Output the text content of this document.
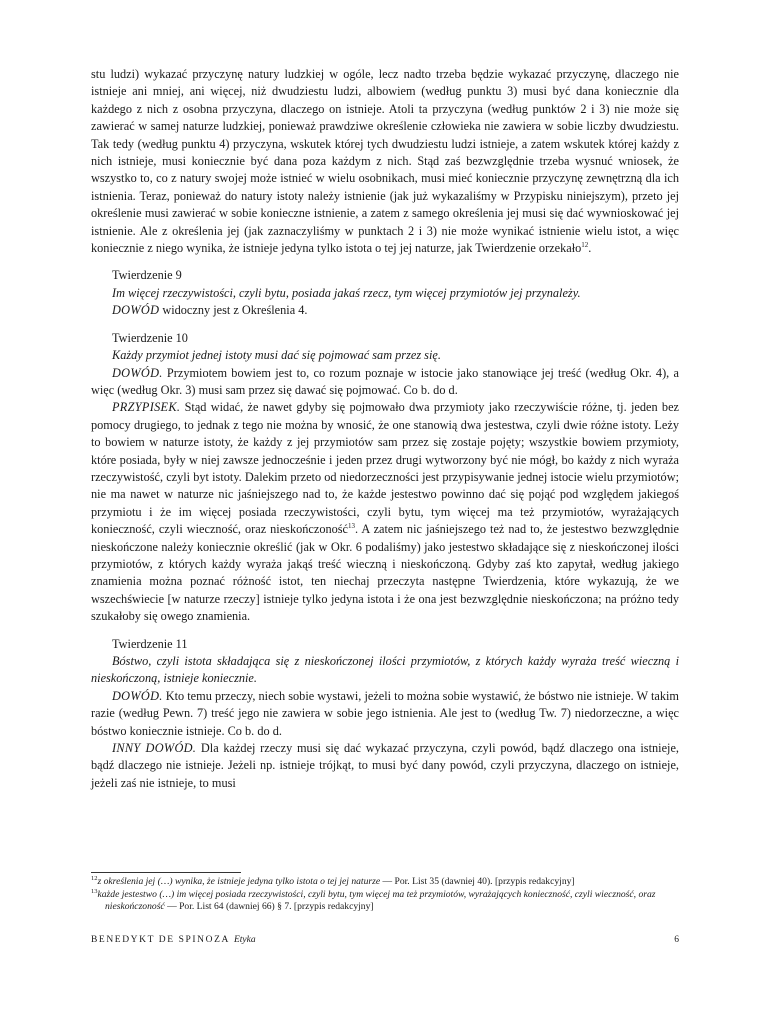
stu ludzi) wykazać przyczynę natury ludzkiej w ogóle, lecz nadto trzeba będzie wykazać przyczynę, dlaczego nie istnieje ani mniej, ani więcej, niż dwudziestu ludzi, albowiem (według punktu 3) musi być dana koniecznie dla każdego z nich z osobna przyczyna, dlaczego on istnieje. Atoli ta przyczyna (według punktów 2 i 3) nie może się zawierać w samej naturze ludzkiej, ponieważ prawdziwe określenie człowieka nie zawiera w sobie liczby dwudziestu. Tak tedy (według punktu 4) przyczyna, wskutek której tych dwudziestu ludzi istnieje, a zatem wskutek której każdy z nich istnieje, musi koniecznie być dana poza każdym z nich. Stąd zaś bezwzględnie trzeba wysnuć wniosek, że wszystko to, co z natury swojej może istnieć w wielu osobnikach, musi mieć koniecznie przyczynę zewnętrzną dla ich istnienia. Teraz, ponieważ do natury istoty należy istnienie (jak już wykazaliśmy w Przypisku niniejszym), przeto jej określenie musi zawierać w sobie konieczne istnienie, a zatem z samego określenia jej musi się dać wywnioskować jej istnienie. Ale z określenia jej (jak zaznaczyliśmy w punktach 2 i 3) nie może wynikać istnienie wielu istot, a więc koniecznie z niego wynika, że istnieje jedyna tylko istota o tej jej naturze, jak Twierdzenie orzekało$^{12}$.

Twierdzenie 9

Im więcej rzeczywistości, czyli bytu, posiada jakaś rzecz, tym więcej przymiotów jej przynależy.

DOWÓD widoczny jest z Określenia 4.

Twierdzenie 10

Każdy przymiot jednej istoty musi dać się pojmować sam przez się.

DOWÓD. Przymiotem bowiem jest to, co rozum poznaje w istocie jako stanowiące jej treść (według Okr. 4), a więc (według Okr. 3) musi sam przez się dawać się pojmować. Co b. do d.

PRZYPISEK. Stąd widać, że nawet gdyby się pojmowało dwa przymioty jako rzeczywiście różne, tj. jeden bez pomocy drugiego, to jednak z tego nie można by wnosić, że one stanowią dwa jestestwa, czyli dwie różne istoty. Leży to bowiem w naturze istoty, że każdy z jej przymiotów sam przez się zostaje pojęty; wszystkie bowiem przymioty, które posiada, były w niej zawsze jednocześnie i jeden przez drugi wytworzony być nie mógł, bo każdy z nich wyraża rzeczywistość, czyli byt istoty. Dalekim przeto od niedorzeczności jest przypisywanie jednej istocie wielu przymiotów; nie ma nawet w naturze nic jaśniejszego nad to, że każde jestestwo powinno dać się pojąć pod względem jakiegoś przymiotu i że im więcej posiada rzeczywistości, czyli bytu, tym więcej ma też przymiotów, wyrażających konieczność, czyli wieczność, oraz nieskończoność$^{13}$. A zatem nic jaśniejszego też nad to, że jestestwo bezwzględnie nieskończone należy koniecznie określić (jak w Okr. 6 podaliśmy) jako jestestwo składające się z nieskończonej ilości przymiotów, z których każdy wyraża jakąś treść wieczną i nieskończoną. Gdyby zaś kto zapytał, według jakiego znamienia można poznać różność istot, ten niechaj przeczyta następne Twierdzenia, które wykazują, że we wszechświecie [w naturze rzeczy] istnieje tylko jedyna istota i że ona jest bezwzględnie nieskończona; na próżno tedy szukałoby się owego znamienia.

Twierdzenie 11

Bóstwo, czyli istota składająca się z nieskończonej ilości przymiotów, z których każdy wyraża treść wieczną i nieskończoną, istnieje koniecznie.

DOWÓD. Kto temu przeczy, niech sobie wystawi, jeżeli to można sobie wystawić, że bóstwo nie istnieje. W takim razie (według Pewn. 7) treść jego nie zawiera w sobie jego istnienia. Ale jest to (według Tw. 7) niedorzeczne, a więc bóstwo koniecznie istnieje. Co b. do d.

INNY DOWÓD. Dla każdej rzeczy musi się dać wykazać przyczyna, czyli powód, bądź dlaczego ona istnieje, bądź dlaczego nie istnieje. Jeżeli np. istnieje trójkąt, to musi być dany powód, czyli przyczyna, dlaczego on istnieje, jeżeli zaś nie istnieje, to musi

$^{12}$z określenia jej (…) wynika, że istnieje jedyna tylko istota o tej jej naturze — Por. List 35 (dawniej 40). [przypis redakcyjny]

$^{13}$każde jestestwo (…) im więcej posiada rzeczywistości, czyli bytu, tym więcej ma też przymiotów, wyrażających konieczność, czyli wieczność, oraz nieskończoność — Por. List 64 (dawniej 66) § 7. [przypis redakcyjny]

BENEDYKT DE SPINOZA Etyka	6
